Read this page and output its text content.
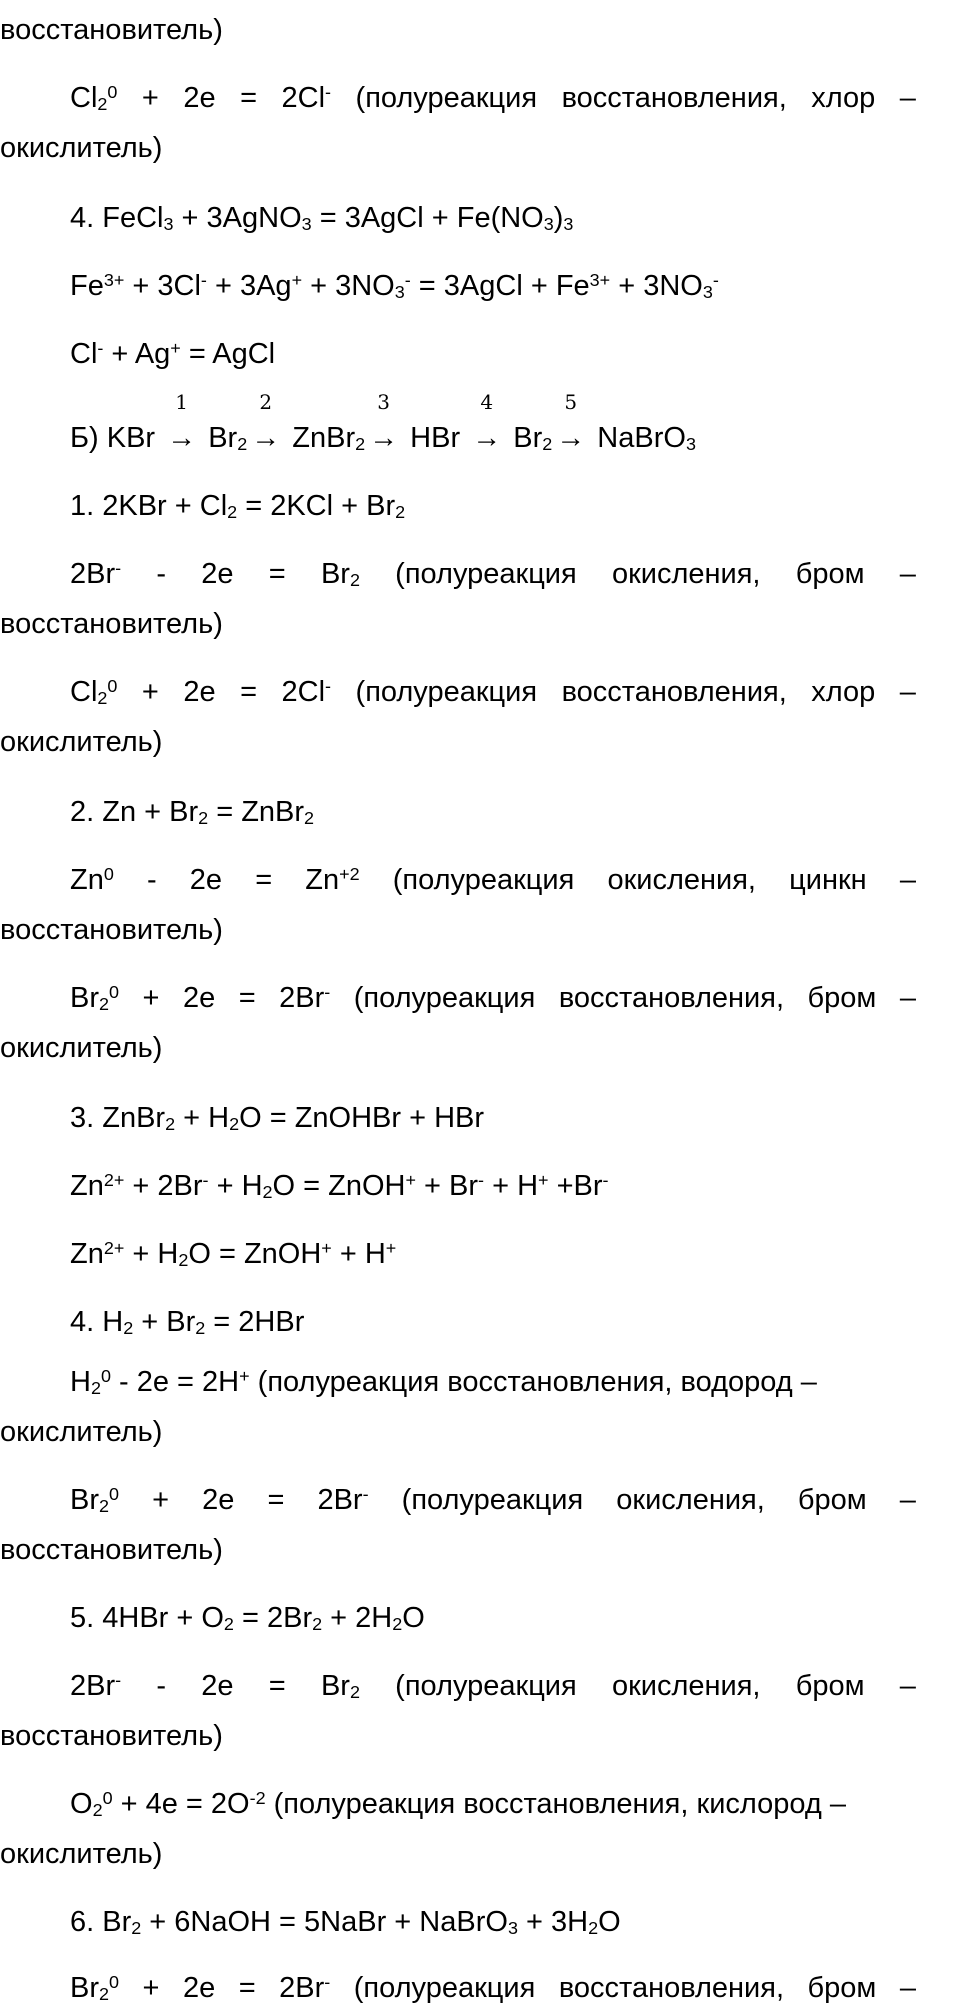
восстановитель)
$Cl_2^0 + 2e = 2Cl^-$ (полуреакция восстановления, хлор –
окислитель)
4. FeCl$_3$ + 3AgNO$_3$ = 3AgCl + $Fe(NO_3)_3$
$Fe^{3+} + 3Cl^- + 3Ag^+ + 3NO_3^-$ = 3AgCl + $Fe^{3+} + 3NO_3^-$
Cl- + Ag+ = AgCl
Б) KBr
1
→ $Br_2$
2
→ ZnBr$_2$
3
→ HBr
4
→ $Br_2$
5
→ NaBrO$_3$
1. $2KBr + Cl_2 = 2KCl + Br_2$
$2Br^- - 2e = Br_2$ (полуреакция окисления, бром –
восстановитель)
$Cl_2^0 + 2e = 2Cl^-$ (полуреакция восстановления, хлор –
окислитель)
2. $Zn + Br_2$ = ZnBr$_2$
$Zn^0 - 2e = Zn^{+2}$ (полуреакция окисления, цинкн –
восстановитель)
$Br_2^0 + 2e = 2Br^-$ (полуреакция восстановления, бром –
окислитель)
3. ZnBr$_2$ + $H_2O$ = ZnOHBr + HBr
$Zn^{2+} + 2Br^- + H_2O$ = ZnOH+ + Br- + H+ +Br-
$Zn^{2+} + H_2O$ = ZnOH+ + H+
4. $H_2 + Br_2 = 2HBr$
$H_2^0 - 2e = 2H^+$ (полуреакция восстановления, водород –
окислитель)
$Br_2^0 + 2e = 2Br^-$ (полуреакция окисления, бром –
восстановитель)
5. $4HBr + O_2 = 2Br_2 + 2H_2O$
$2Br^- - 2e = Br_2$ (полуреакция окисления, бром –
восстановитель)
$O_2^0 + 4e = 2O^{-2}$ (полуреакция восстановления, кислород –
окислитель)
6. $Br_2$ + 6NaOH = 5NaBr + NaBrO$_3$ + $3H_2O$
$Br_2^0 + 2e = 2Br^-$ (полуреакция восстановления, бром –
